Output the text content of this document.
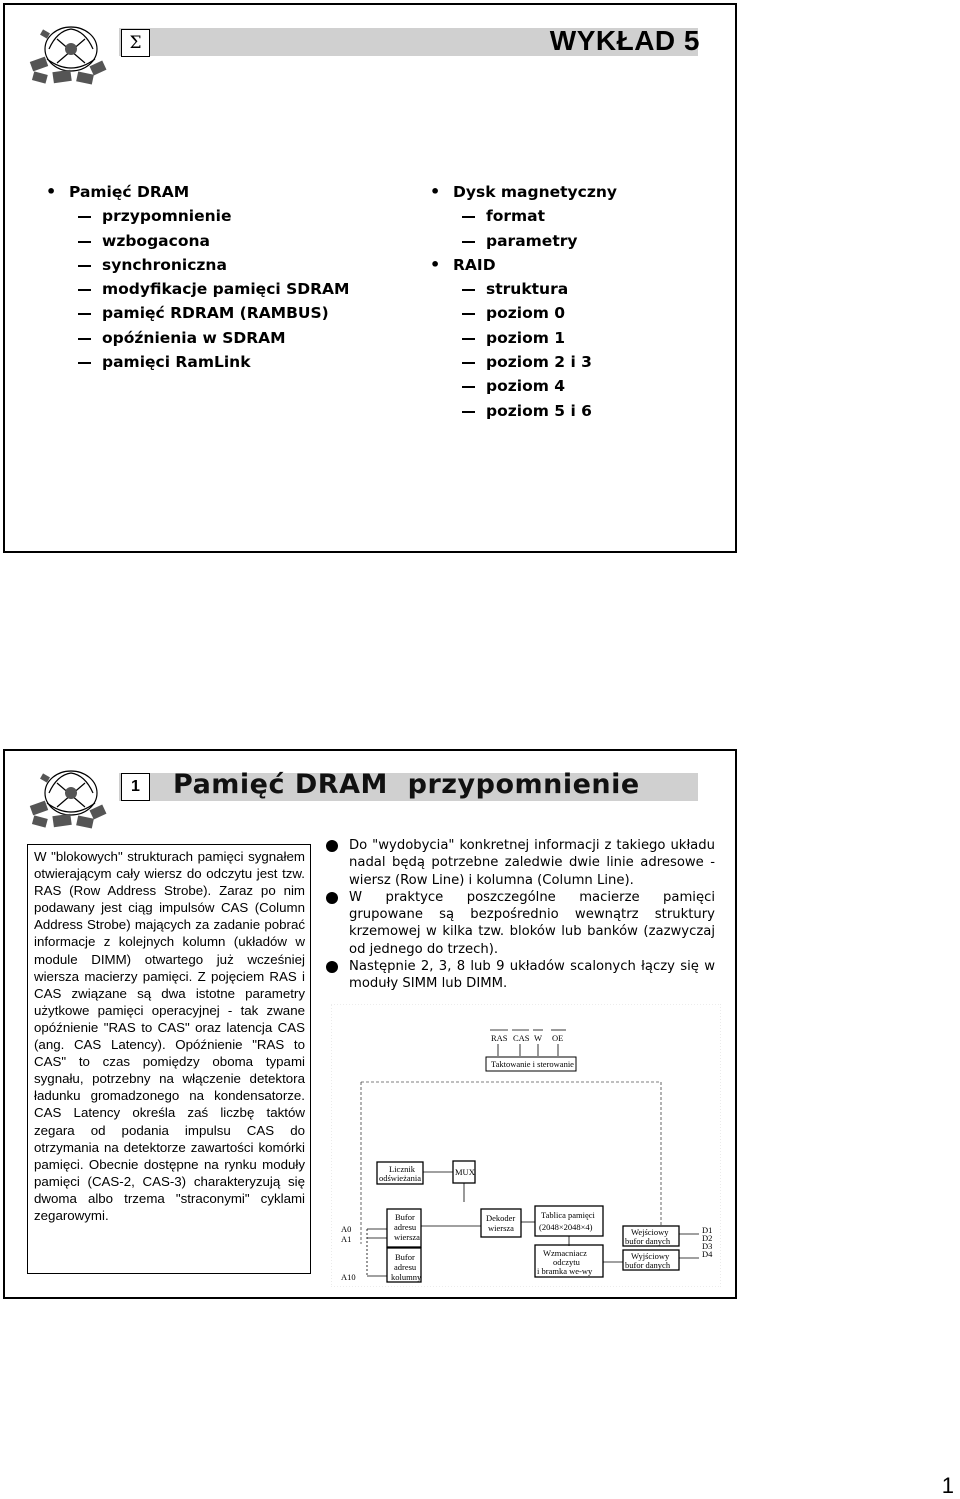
Σ	WYKŁAD 5
• Pamięć DRAM
przypomnienie
wzbogacona
synchroniczna
modyfikacje pamięci SDRAM
pamięć RDRAM (RAMBUS)
opóźnienia w SDRAM
pamięci RamLink
• Dysk magnetyczny
format
parametry
• RAID
struktura
poziom 0
poziom 1
poziom 2 i 3
poziom 4
poziom 5 i 6
1	Pamięć DRAM  przypomnienie
W "blokowych" strukturach pamięci sygnałem otwierającym cały wiersz do odczytu jest tzw. RAS (Row Address Strobe). Zaraz po nim podawany jest ciąg impulsów CAS (Column Address Strobe) mających za zadanie pobrać informacje z kolejnych kolumn (układów w module DIMM) otwartego już wcześniej wiersza macierzy pamięci. Z pojęciem RAS i CAS związane są dwa istotne parametry użytkowe pamięci operacyjnej - tak zwane opóźnienie "RAS to CAS" oraz latencja CAS (ang. CAS Latency). Opóźnienie "RAS to CAS" to czas pomiędzy oboma typami sygnału, potrzebny na włączenie detektora ładunku gromadzonego na kondensatorze. CAS Latency określa zaś liczbę taktów zegara od podania impulsu CAS do otrzymania na detektorze zawartości komórki pamięci. Obecnie dostępne na rynku moduły pamięci (CAS-2, CAS-3) charakteryzują się dwoma albo trzema "straconymi" cyklami zegarowymi.
Do "wydobycia" konkretnej informacji z takiego układu nadal będą potrzebne zaledwie dwie linie adresowe - wiersz (Row Line) i kolumna (Column Line).
W praktyce poszczególne macierze pamięci grupowane są bezpośrednio wewnątrz struktury krzemowej w kilka tzw. bloków lub banków (zazwyczaj od jednego do trzech).
Następnie 2, 3, 8 lub 9 układów scalonych łączy się w moduły SIMM lub DIMM.
RAS CAS W OE
Taktowanie i sterowanie
Licznik
odświeżania
MUX
Bufor
adresu
wiersza
Bufor
adresu
kolumny
A0
A1
A10
Dekoder
wiersza
Tablica pamięci
(2048×2048×4)
Wzmacniacz
odczytu
i bramka we-wy
Wejściowy
bufor danych
Wyjściowy
bufor danych
D1
D2
D3
D4
1
